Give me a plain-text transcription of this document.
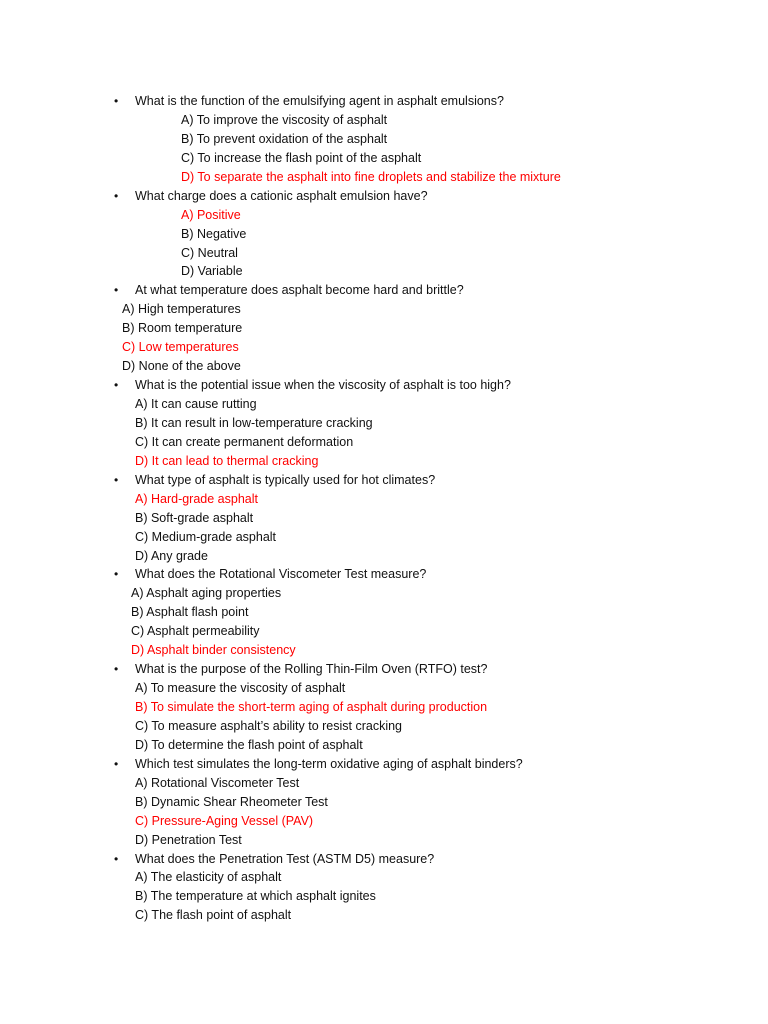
• What is the function of the emulsifying agent in asphalt emulsions?
A) To improve the viscosity of asphalt
B) To prevent oxidation of the asphalt
C) To increase the flash point of the asphalt
D) To separate the asphalt into fine droplets and stabilize the mixture
• What charge does a cationic asphalt emulsion have?
A) Positive
B) Negative
C) Neutral
D) Variable
• At what temperature does asphalt become hard and brittle?
A) High temperatures
B) Room temperature
C) Low temperatures
D) None of the above
• What is the potential issue when the viscosity of asphalt is too high?
A) It can cause rutting
B) It can result in low-temperature cracking
C) It can create permanent deformation
D) It can lead to thermal cracking
• What type of asphalt is typically used for hot climates?
A) Hard-grade asphalt
B) Soft-grade asphalt
C) Medium-grade asphalt
D) Any grade
• What does the Rotational Viscometer Test measure?
A) Asphalt aging properties
B) Asphalt flash point
C) Asphalt permeability
D) Asphalt binder consistency
• What is the purpose of the Rolling Thin-Film Oven (RTFO) test?
A) To measure the viscosity of asphalt
B) To simulate the short-term aging of asphalt during production
C) To measure asphalt’s ability to resist cracking
D) To determine the flash point of asphalt
• Which test simulates the long-term oxidative aging of asphalt binders?
A) Rotational Viscometer Test
B) Dynamic Shear Rheometer Test
C) Pressure-Aging Vessel (PAV)
D) Penetration Test
• What does the Penetration Test (ASTM D5) measure?
A) The elasticity of asphalt
B) The temperature at which asphalt ignites
C) The flash point of asphalt
